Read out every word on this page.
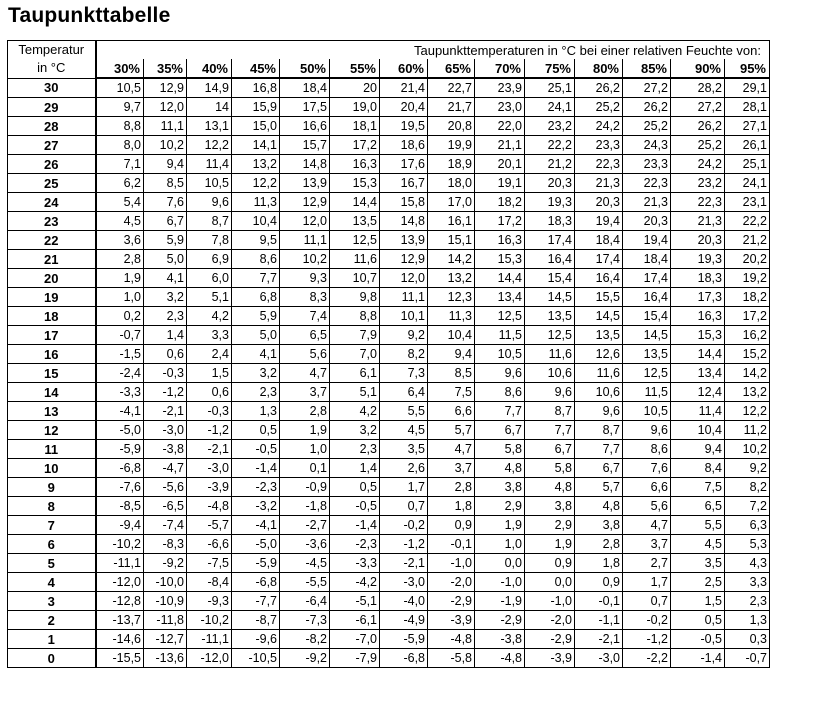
Taupunkttabelle
Temperatur
in °C	Taupunkttemperaturen in °C bei einer relativen Feuchte von:													
	30%	35%	40%	45%	50%	55%	60%	65%	70%	75%	80%	85%	90%	95%
30	10,5	12,9	14,9	16,8	18,4	20	21,4	22,7	23,9	25,1	26,2	27,2	28,2	29,1
29	9,7	12,0	14	15,9	17,5	19,0	20,4	21,7	23,0	24,1	25,2	26,2	27,2	28,1
28	8,8	11,1	13,1	15,0	16,6	18,1	19,5	20,8	22,0	23,2	24,2	25,2	26,2	27,1
27	8,0	10,2	12,2	14,1	15,7	17,2	18,6	19,9	21,1	22,2	23,3	24,3	25,2	26,1
26	7,1	9,4	11,4	13,2	14,8	16,3	17,6	18,9	20,1	21,2	22,3	23,3	24,2	25,1
25	6,2	8,5	10,5	12,2	13,9	15,3	16,7	18,0	19,1	20,3	21,3	22,3	23,2	24,1
24	5,4	7,6	9,6	11,3	12,9	14,4	15,8	17,0	18,2	19,3	20,3	21,3	22,3	23,1
23	4,5	6,7	8,7	10,4	12,0	13,5	14,8	16,1	17,2	18,3	19,4	20,3	21,3	22,2
22	3,6	5,9	7,8	9,5	11,1	12,5	13,9	15,1	16,3	17,4	18,4	19,4	20,3	21,2
21	2,8	5,0	6,9	8,6	10,2	11,6	12,9	14,2	15,3	16,4	17,4	18,4	19,3	20,2
20	1,9	4,1	6,0	7,7	9,3	10,7	12,0	13,2	14,4	15,4	16,4	17,4	18,3	19,2
19	1,0	3,2	5,1	6,8	8,3	9,8	11,1	12,3	13,4	14,5	15,5	16,4	17,3	18,2
18	0,2	2,3	4,2	5,9	7,4	8,8	10,1	11,3	12,5	13,5	14,5	15,4	16,3	17,2
17	-0,7	1,4	3,3	5,0	6,5	7,9	9,2	10,4	11,5	12,5	13,5	14,5	15,3	16,2
16	-1,5	0,6	2,4	4,1	5,6	7,0	8,2	9,4	10,5	11,6	12,6	13,5	14,4	15,2
15	-2,4	-0,3	1,5	3,2	4,7	6,1	7,3	8,5	9,6	10,6	11,6	12,5	13,4	14,2
14	-3,3	-1,2	0,6	2,3	3,7	5,1	6,4	7,5	8,6	9,6	10,6	11,5	12,4	13,2
13	-4,1	-2,1	-0,3	1,3	2,8	4,2	5,5	6,6	7,7	8,7	9,6	10,5	11,4	12,2
12	-5,0	-3,0	-1,2	0,5	1,9	3,2	4,5	5,7	6,7	7,7	8,7	9,6	10,4	11,2
11	-5,9	-3,8	-2,1	-0,5	1,0	2,3	3,5	4,7	5,8	6,7	7,7	8,6	9,4	10,2
10	-6,8	-4,7	-3,0	-1,4	0,1	1,4	2,6	3,7	4,8	5,8	6,7	7,6	8,4	9,2
9	-7,6	-5,6	-3,9	-2,3	-0,9	0,5	1,7	2,8	3,8	4,8	5,7	6,6	7,5	8,2
8	-8,5	-6,5	-4,8	-3,2	-1,8	-0,5	0,7	1,8	2,9	3,8	4,8	5,6	6,5	7,2
7	-9,4	-7,4	-5,7	-4,1	-2,7	-1,4	-0,2	0,9	1,9	2,9	3,8	4,7	5,5	6,3
6	-10,2	-8,3	-6,6	-5,0	-3,6	-2,3	-1,2	-0,1	1,0	1,9	2,8	3,7	4,5	5,3
5	-11,1	-9,2	-7,5	-5,9	-4,5	-3,3	-2,1	-1,0	0,0	0,9	1,8	2,7	3,5	4,3
4	-12,0	-10,0	-8,4	-6,8	-5,5	-4,2	-3,0	-2,0	-1,0	0,0	0,9	1,7	2,5	3,3
3	-12,8	-10,9	-9,3	-7,7	-6,4	-5,1	-4,0	-2,9	-1,9	-1,0	-0,1	0,7	1,5	2,3
2	-13,7	-11,8	-10,2	-8,7	-7,3	-6,1	-4,9	-3,9	-2,9	-2,0	-1,1	-0,2	0,5	1,3
1	-14,6	-12,7	-11,1	-9,6	-8,2	-7,0	-5,9	-4,8	-3,8	-2,9	-2,1	-1,2	-0,5	0,3
0	-15,5	-13,6	-12,0	-10,5	-9,2	-7,9	-6,8	-5,8	-4,8	-3,9	-3,0	-2,2	-1,4	-0,7
